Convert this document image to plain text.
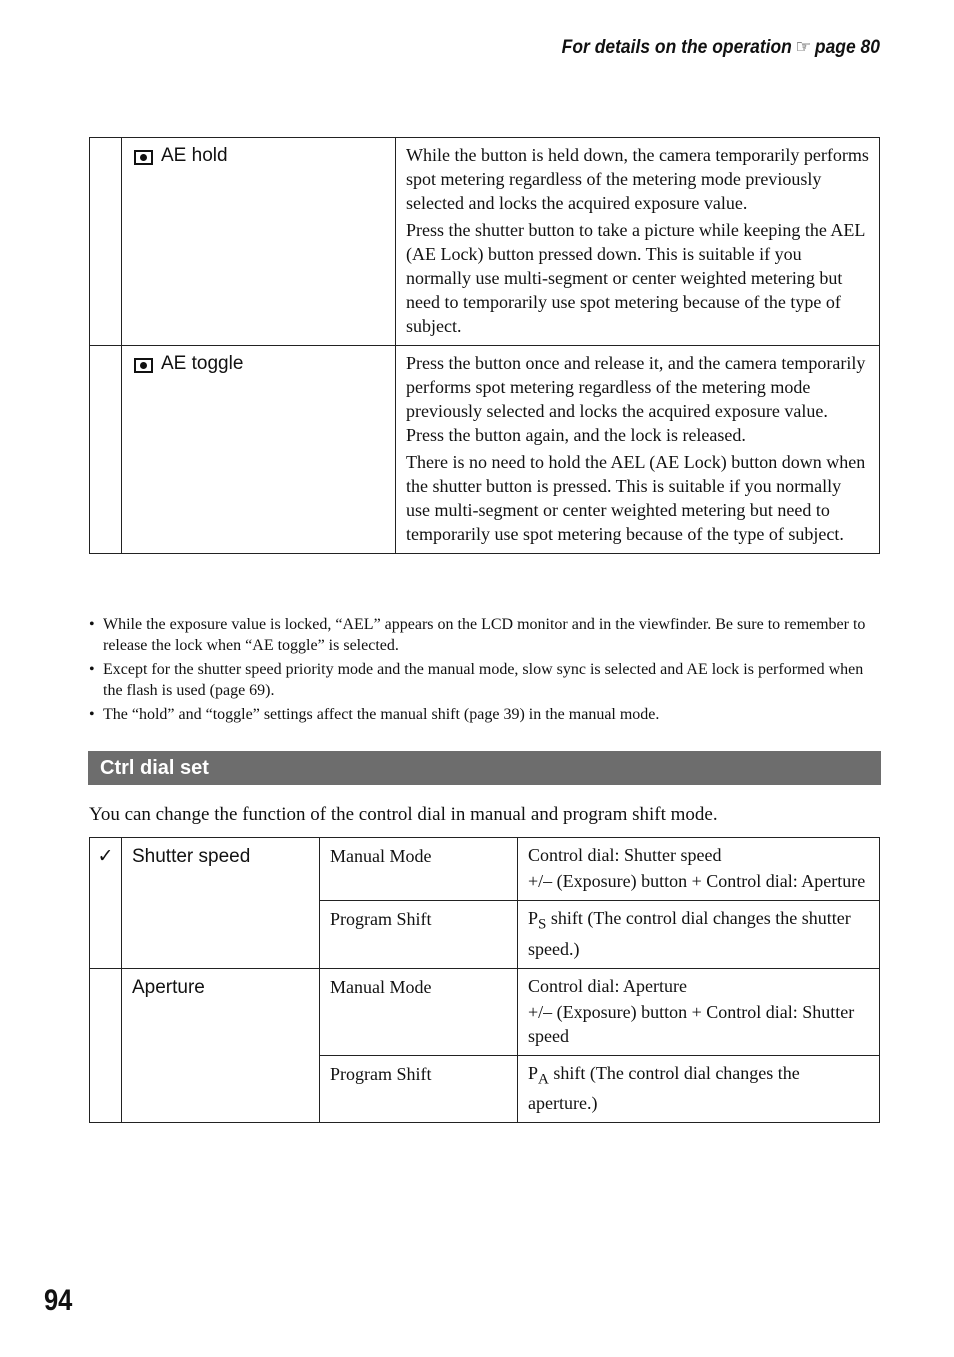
For details on the operation ☞ page 80

	AE hold	While the button is held down, the camera temporarily performs spot metering regardless of the metering mode previously selected and locks the acquired exposure value.

Press the shutter button to take a picture while keeping the AEL (AE Lock) button pressed down. This is suitable if you normally use multi-segment or center weighted metering but need to temporarily use spot metering because of the type of subject.

	AE toggle	Press the button once and release it, and the camera temporarily performs spot metering regardless of the metering mode previously selected and locks the acquired exposure value. Press the button again, and the lock is released.

There is no need to hold the AEL (AE Lock) button down when the shutter button is pressed. This is suitable if you normally use multi-segment or center weighted metering but need to temporarily use spot metering because of the type of subject.

• While the exposure value is locked, “AEL” appears on the LCD monitor and in the viewfinder. Be sure to remember to release the lock when “AE toggle” is selected.
• Except for the shutter speed priority mode and the manual mode, slow sync is selected and AE lock is performed when the flash is used (page 69).
• The “hold” and “toggle” settings affect the manual shift (page 39) in the manual mode.
Ctrl dial set

You can change the function of the control dial in manual and program shift mode.

✓	Shutter speed	Manual Mode	Control dial: Shutter speed

+/– (Exposure) button + Control dial: Aperture

		Program Shift	$P_S$ shift (The control dial changes the shutter speed.)
	Aperture	Manual Mode	Control dial: Aperture

+/– (Exposure) button + Control dial: Shutter speed

		Program Shift	$P_A$ shift (The control dial changes the aperture.)
94
